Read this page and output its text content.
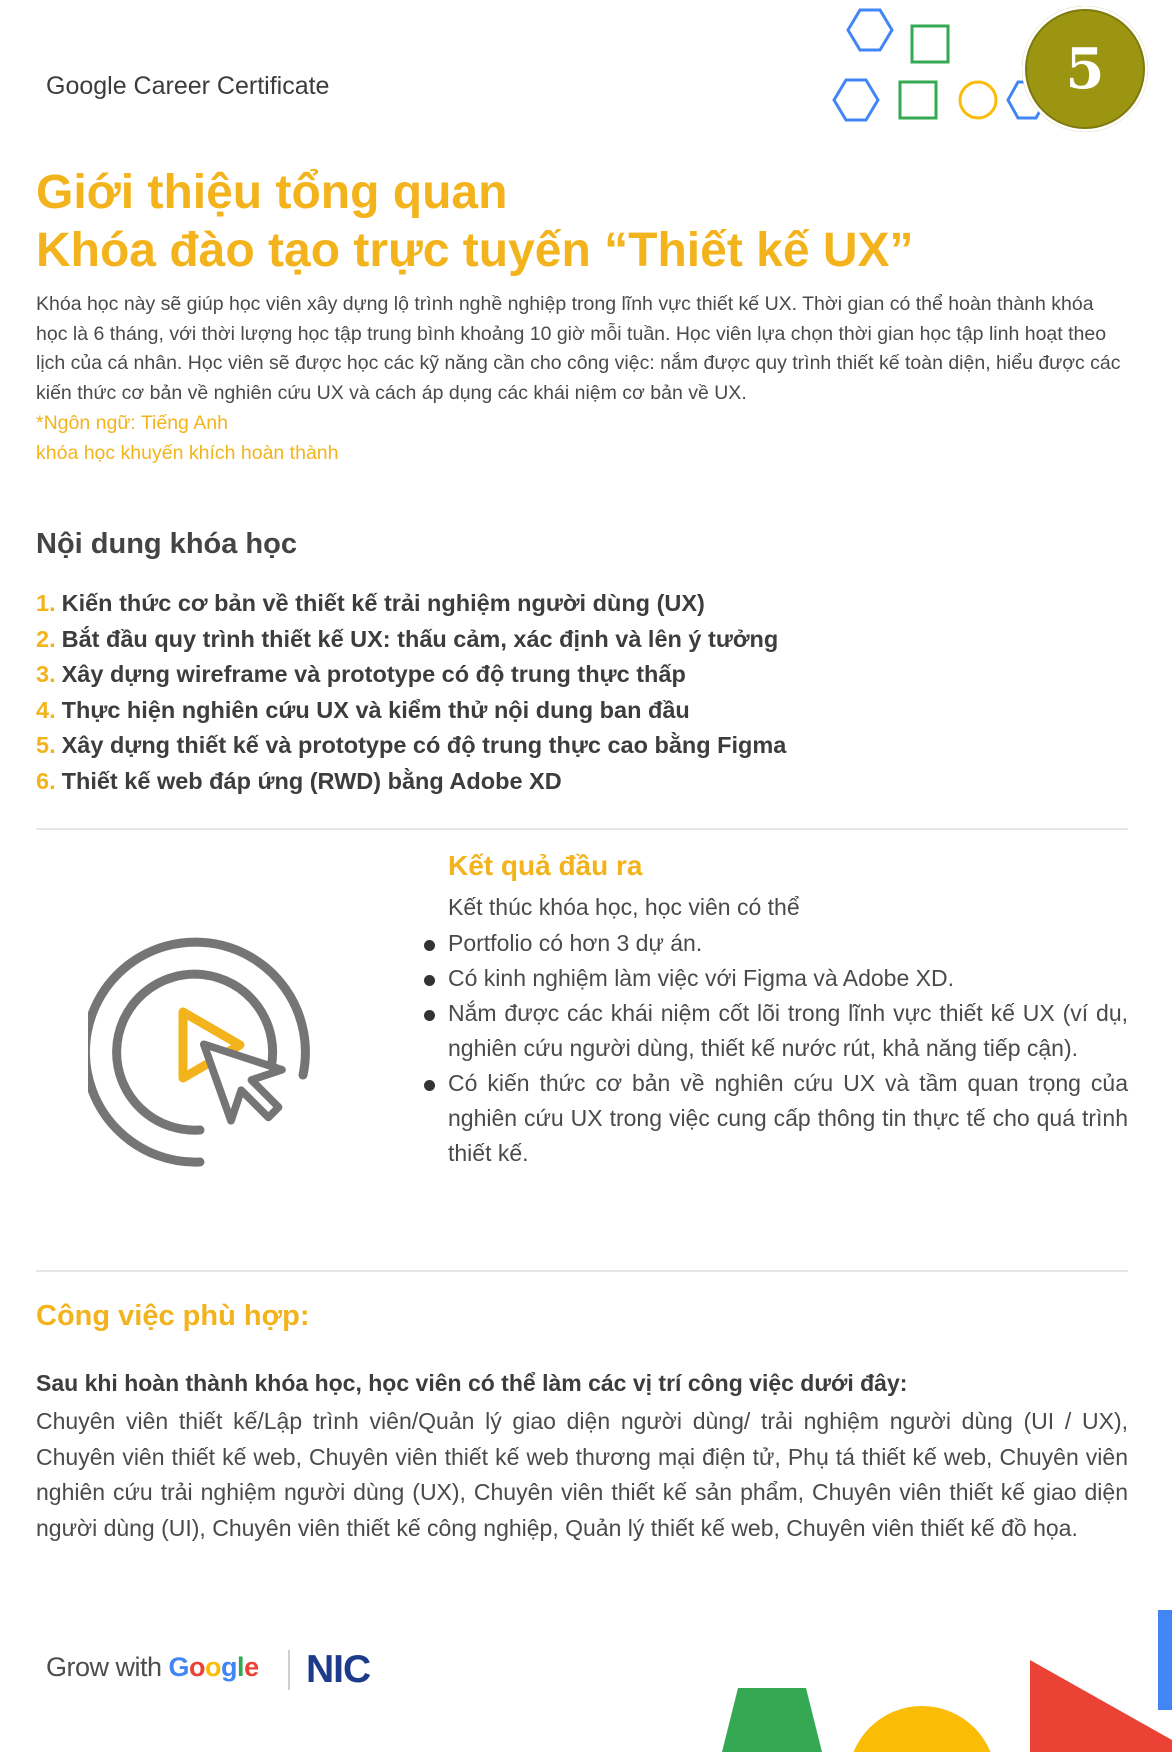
Google Career Certificate	5
Giới thiệu tổng quan
Khóa đào tạo trực tuyến “Thiết kế UX”
Khóa học này sẽ giúp học viên xây dựng lộ trình nghề nghiệp trong lĩnh vực thiết kế UX. Thời gian có thể hoàn thành khóa học là 6 tháng, với thời lượng học tập trung bình khoảng 10 giờ mỗi tuần. Học viên lựa chọn thời gian học tập linh hoạt theo lịch của cá nhân. Học viên sẽ được học các kỹ năng cần cho công việc: nắm được quy trình thiết kế toàn diện, hiểu được các kiến thức cơ bản về nghiên cứu UX và cách áp dụng các khái niệm cơ bản về UX.
*Ngôn ngữ: Tiếng Anh
khóa học khuyến khích hoàn thành
Nội dung khóa học
1. Kiến thức cơ bản về thiết kế trải nghiệm người dùng (UX)
2. Bắt đầu quy trình thiết kế UX: thấu cảm, xác định và lên ý tưởng
3. Xây dựng wireframe và prototype có độ trung thực thấp
4. Thực hiện nghiên cứu UX và kiểm thử nội dung ban đầu
5. Xây dựng thiết kế và prototype có độ trung thực cao bằng Figma
6. Thiết kế web đáp ứng (RWD) bằng Adobe XD
Kết quả đầu ra
Kết thúc khóa học, học viên có thể
Portfolio có hơn 3 dự án.
Có kinh nghiệm làm việc với Figma và Adobe XD.
Nắm được các khái niệm cốt lõi trong lĩnh vực thiết kế UX (ví dụ, nghiên cứu người dùng, thiết kế nước rút, khả năng tiếp cận).
Có kiến thức cơ bản về nghiên cứu UX và tầm quan trọng của nghiên cứu UX trong việc cung cấp thông tin thực tế cho quá trình thiết kế.
Công việc phù hợp:
Sau khi hoàn thành khóa học, học viên có thể làm các vị trí công việc dưới đây:
Chuyên viên thiết kế/Lập trình viên/Quản lý giao diện người dùng/ trải nghiệm người dùng (UI / UX), Chuyên viên thiết kế web, Chuyên viên thiết kế web thương mại điện tử, Phụ tá thiết kế web, Chuyên viên nghiên cứu trải nghiệm người dùng (UX), Chuyên viên thiết kế sản phẩm, Chuyên viên thiết kế giao diện người dùng (UI), Chuyên viên thiết kế công nghiệp, Quản lý thiết kế web, Chuyên viên thiết kế đồ họa.
Grow with Google NIC
